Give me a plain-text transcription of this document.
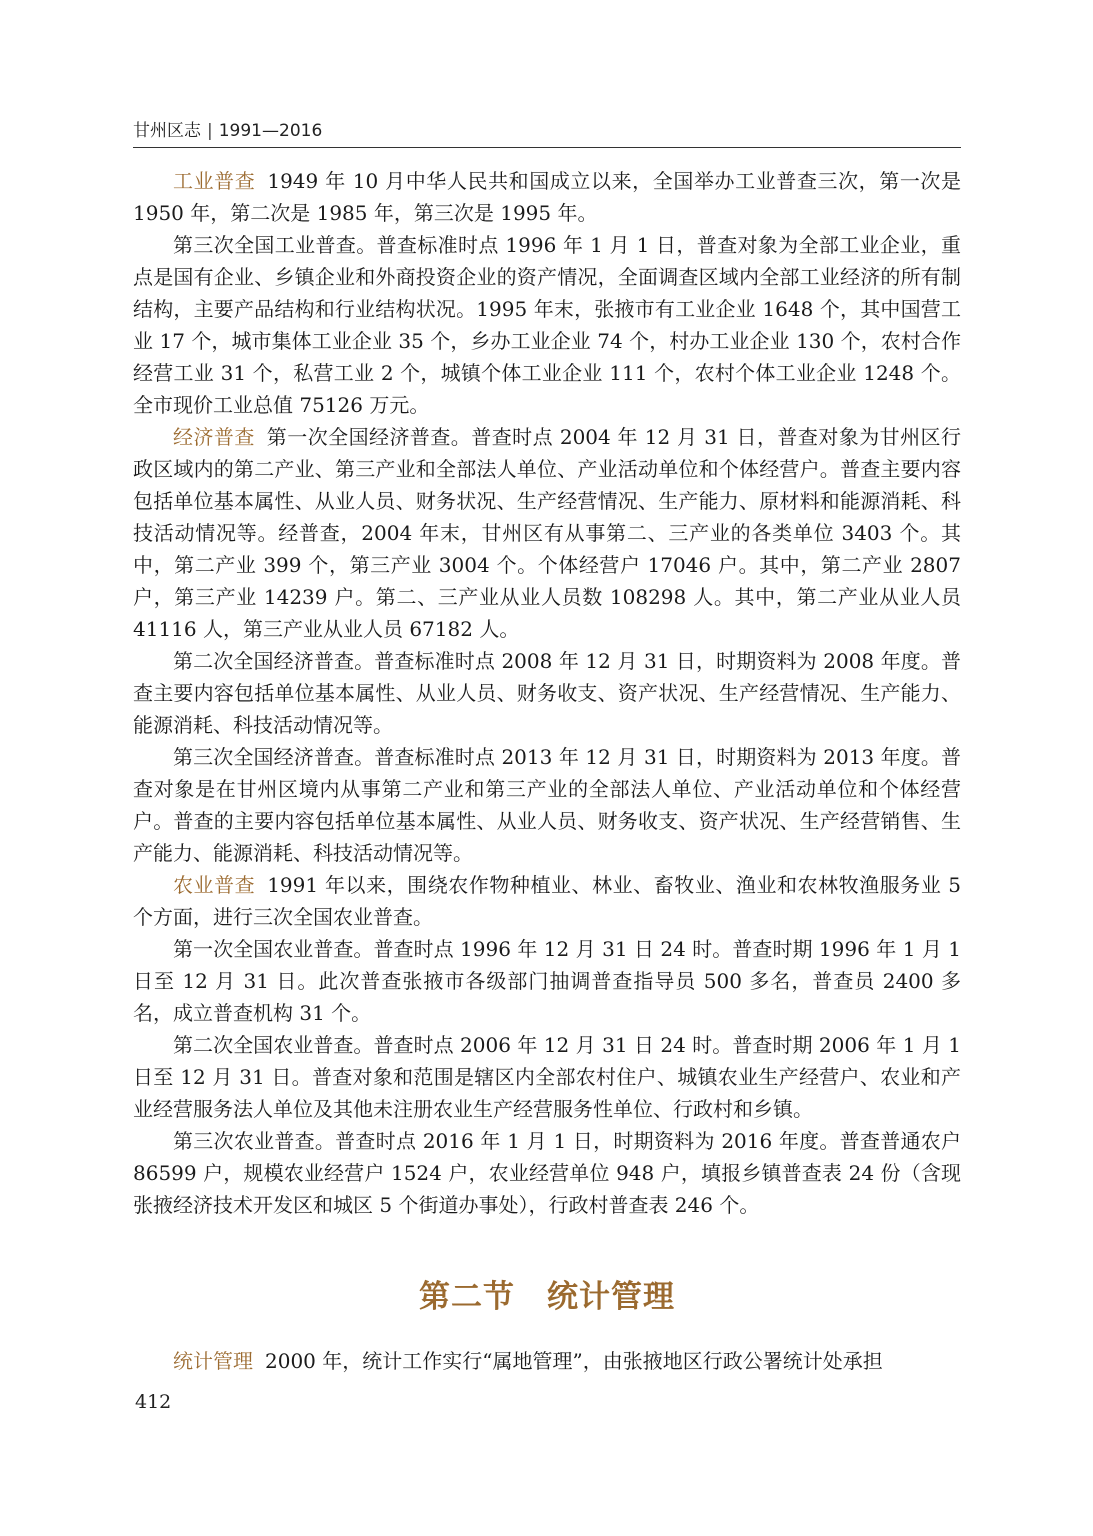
甘州区志 | 1991—2016

工业普查 1949 年 10 月中华人民共和国成立以来，全国举办工业普查三次，第一次是 1950 年，第二次是 1985 年，第三次是 1995 年。

第三次全国工业普查。普查标准时点 1996 年 1 月 1 日，普查对象为全部工业企业，重点是国有企业、乡镇企业和外商投资企业的资产情况，全面调查区域内全部工业经济的所有制结构，主要产品结构和行业结构状况。1995 年末，张掖市有工业企业 1648 个，其中国营工业 17 个，城市集体工业企业 35 个，乡办工业企业 74 个，村办工业企业 130 个，农村合作经营工业 31 个，私营工业 2 个，城镇个体工业企业 111 个，农村个体工业企业 1248 个。全市现价工业总值 75126 万元。

经济普查 第一次全国经济普查。普查时点 2004 年 12 月 31 日，普查对象为甘州区行政区域内的第二产业、第三产业和全部法人单位、产业活动单位和个体经营户。普查主要内容包括单位基本属性、从业人员、财务状况、生产经营情况、生产能力、原材料和能源消耗、科技活动情况等。经普查，2004 年末，甘州区有从事第二、三产业的各类单位 3403 个。其中，第二产业 399 个，第三产业 3004 个。个体经营户 17046 户。其中，第二产业 2807 户，第三产业 14239 户。第二、三产业从业人员数 108298 人。其中，第二产业从业人员 41116 人，第三产业从业人员 67182 人。

第二次全国经济普查。普查标准时点 2008 年 12 月 31 日，时期资料为 2008 年度。普查主要内容包括单位基本属性、从业人员、财务收支、资产状况、生产经营情况、生产能力、能源消耗、科技活动情况等。

第三次全国经济普查。普查标准时点 2013 年 12 月 31 日，时期资料为 2013 年度。普查对象是在甘州区境内从事第二产业和第三产业的全部法人单位、产业活动单位和个体经营户。普查的主要内容包括单位基本属性、从业人员、财务收支、资产状况、生产经营销售、生产能力、能源消耗、科技活动情况等。

农业普查 1991 年以来，围绕农作物种植业、林业、畜牧业、渔业和农林牧渔服务业 5 个方面，进行三次全国农业普查。

第一次全国农业普查。普查时点 1996 年 12 月 31 日 24 时。普查时期 1996 年 1 月 1 日至 12 月 31 日。此次普查张掖市各级部门抽调普查指导员 500 多名，普查员 2400 多名，成立普查机构 31 个。

第二次全国农业普查。普查时点 2006 年 12 月 31 日 24 时。普查时期 2006 年 1 月 1 日至 12 月 31 日。普查对象和范围是辖区内全部农村住户、城镇农业生产经营户、农业和产业经营服务法人单位及其他未注册农业生产经营服务性单位、行政村和乡镇。

第三次农业普查。普查时点 2016 年 1 月 1 日，时期资料为 2016 年度。普查普通农户 86599 户，规模农业经营户 1524 户，农业经营单位 948 户，填报乡镇普查表 24 份（含现张掖经济技术开发区和城区 5 个街道办事处），行政村普查表 246 个。

第二节　统计管理

统计管理 2000 年，统计工作实行“属地管理”，由张掖地区行政公署统计处承担

412
